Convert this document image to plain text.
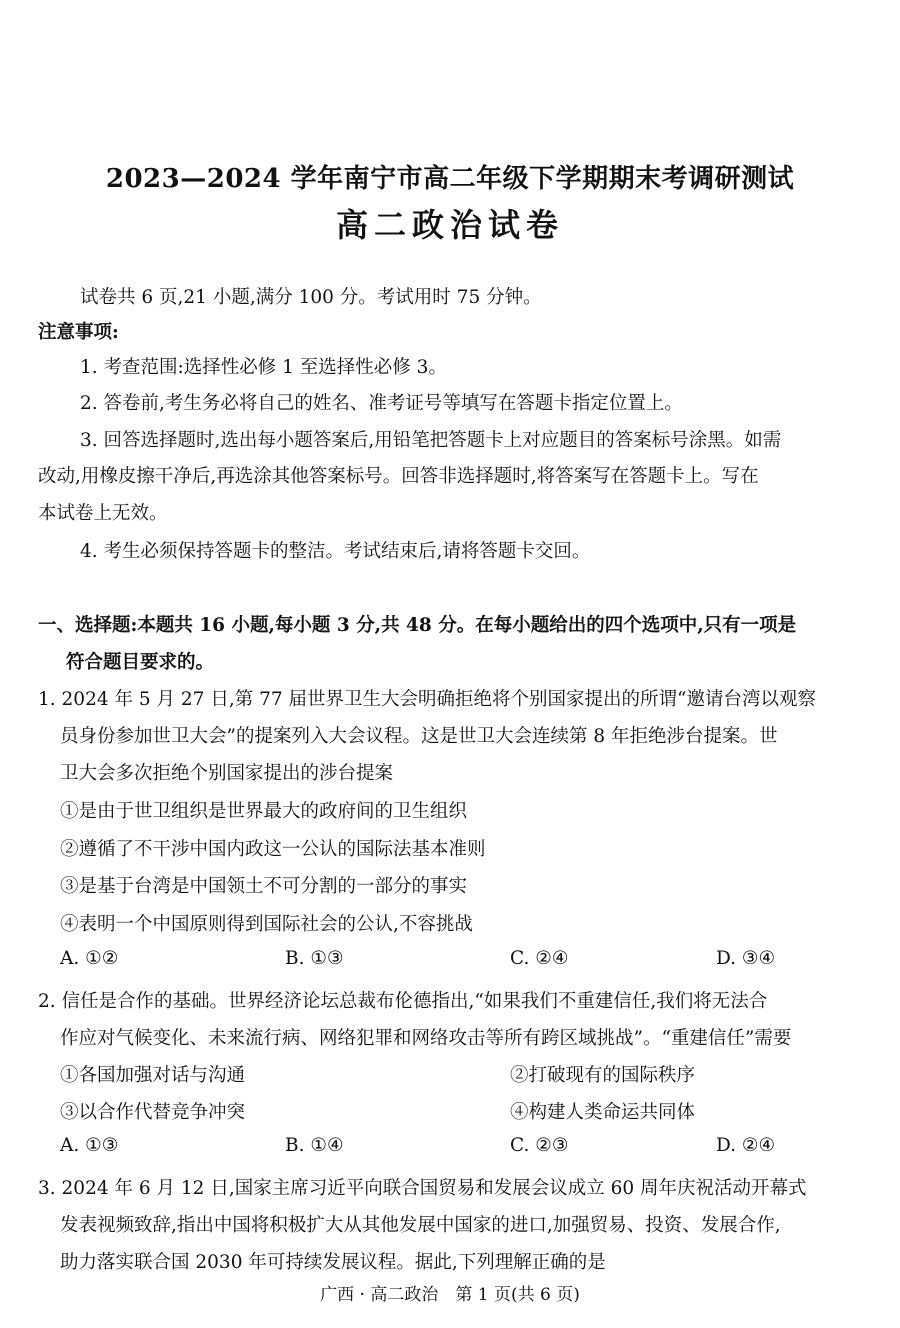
2023—2024 学年南宁市高二年级下学期期末考调研测试
高二政治试卷
试卷共 6 页,21 小题,满分 100 分。考试用时 75 分钟。
注意事项:
1. 考查范围:选择性必修 1 至选择性必修 3。
2. 答卷前,考生务必将自己的姓名、准考证号等填写在答题卡指定位置上。
3. 回答选择题时,选出每小题答案后,用铅笔把答题卡上对应题目的答案标号涂黑。如需
改动,用橡皮擦干净后,再选涂其他答案标号。回答非选择题时,将答案写在答题卡上。写在
本试卷上无效。
4. 考生必须保持答题卡的整洁。考试结束后,请将答题卡交回。
一、选择题:本题共 16 小题,每小题 3 分,共 48 分。在每小题给出的四个选项中,只有一项是
符合题目要求的。
1. 2024 年 5 月 27 日,第 77 届世界卫生大会明确拒绝将个别国家提出的所谓“邀请台湾以观察
员身份参加世卫大会”的提案列入大会议程。这是世卫大会连续第 8 年拒绝涉台提案。世
卫大会多次拒绝个别国家提出的涉台提案
①是由于世卫组织是世界最大的政府间的卫生组织
②遵循了不干涉中国内政这一公认的国际法基本准则
③是基于台湾是中国领土不可分割的一部分的事实
④表明一个中国原则得到国际社会的公认,不容挑战
A. ①②	B. ①③	C. ②④	D. ③④
2. 信任是合作的基础。世界经济论坛总裁布伦德指出,“如果我们不重建信任,我们将无法合
作应对气候变化、未来流行病、网络犯罪和网络攻击等所有跨区域挑战”。“重建信任”需要
①各国加强对话与沟通	②打破现有的国际秩序
③以合作代替竞争冲突	④构建人类命运共同体
A. ①③	B. ①④	C. ②③	D. ②④
3. 2024 年 6 月 12 日,国家主席习近平向联合国贸易和发展会议成立 60 周年庆祝活动开幕式
发表视频致辞,指出中国将积极扩大从其他发展中国家的进口,加强贸易、投资、发展合作,
助力落实联合国 2030 年可持续发展议程。据此,下列理解正确的是
广西 · 高二政治　第 1 页(共 6 页)
